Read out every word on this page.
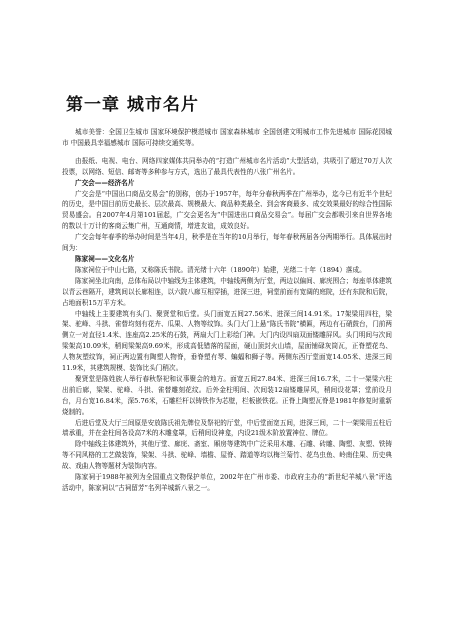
第一章 城市名片
城市美誉：全国卫生城市 国家环境保护模范城市 国家森林城市 全国创建文明城市工作先进城市 国际花园城市 中国最具幸福感城市 国际可持续交通奖等。
由报纸、电视、电台、网络四家媒体共同举办的“打造广州城市名片活动”大型活动，共吸引了超过70万人次投票，以网络、短信、邮寄等多种参与方式，选出了最具代表性的八张广州名片。
广交会——经济名片
广交会是“中国出口商品交易会”的别称，创办于1957年，每年分春秋两季在广州举办，迄今已有近半个世纪的历史，是中国目前历史最长、层次最高、规模最大、商品种类最全、到会客商最多、成交效果最好的综合性国际贸易盛会。自2007年4月第101届起，广交会更名为“中国进出口商品交易会”。每届广交会都吸引来自世界各地的数以十万计的客商云集广州，互通商情，增进友谊，成效良好。
广交会每年春季的举办时间是当年4月，秋季是在当年的10月举行，每年春秋两届各分两期举行。具体展出时间为：
陈家祠——文化名片
陈家祠位于中山七路，又称陈氏书院。清光绪十六年（1890年）始建，光绪二十年（1894）落成。
陈家祠坐北向南，总体布局以中轴线为主体建筑，中轴线两侧为厅堂，两边以偏间、廊庑围合；每座单体建筑以青云巷隔开，建筑间以长廊相连，以六院八廊互相穿插，进深三进，祠堂前面有宽阔的庭院，还有东院和后院，占地面积15万平方米。
中轴线上主要建筑有头门、聚贤堂和后堂。头门面宽五间27.56米、进深三间14.91米。17架梁用四柱，梁架、驼峰、斗拱、雀替均刻有花卉、瓜果、人物等纹饰。头门大门上悬“陈氏书院”横匾，两边有石硝鼓台，门前两侧立一对直径1.4米、连座高2.25米的石鼓，两扇大门上彩绘门神。大门内设四扇双面镂雕屏风。头门明间与次间梁架高10.09米，稍间梁架高9.69米，形成高低错落的屋面，硬山顶封火山墙，屋面铺碌灰筒瓦，正脊塑花鸟、人物灰塑纹饰，祠正两边置有陶塑人物脊，垂脊塑有琴、蝙蝠和狮子等。两侧东西厅堂面宽14.05米、进深三间11.9米，其建筑规模、装饰比头门稍次。
聚贤堂是陈姓族人举行春秋祭祀和议事聚会的地方。面宽五间27.84米、进深三间16.7米，二十一架梁六柱出前后廊，梁架、驼峰、斗拱、雀替雕刻花纹。后外金柱明间、次间装12扇镂雕屏风，稍间设花罩；堂前设月台，月台宽16.84米，深5.76米，石雕栏杆以铸铁作为芯壁，栏板嵌铁花。正脊上陶塑瓦脊是1981年修复时重新烧制的。
后进后堂及大厅三间原是安放陈氏祖先牌位及祭祀的厅堂，中后堂面宽五间，进深三间，二十一架梁用五柱后墙承重，并在金柱间各设高7米的木雕龛罩，后稍间设神龛，内设21级木阶放置神位、牌位。
除中轴线主体建筑外，其他厅堂、廊庑、斋室、厢房等建筑中广泛采用木雕、石雕、砖雕、陶塑、灰塑、铁铸等不同风格的工艺做装饰，梁架、斗拱、驼峰、墙檐、屋脊、踏道等均以梅兰菊竹、花鸟虫鱼、岭南佳果、历史典故、戏曲人物等题材为装饰内容。
陈家祠于1988年被列为全国重点文物保护单位，2002年在广州市委、市政府主办的“新世纪羊城八景”评选活动中，陈家祠以“古祠留芳”名列羊城新八景之一。
